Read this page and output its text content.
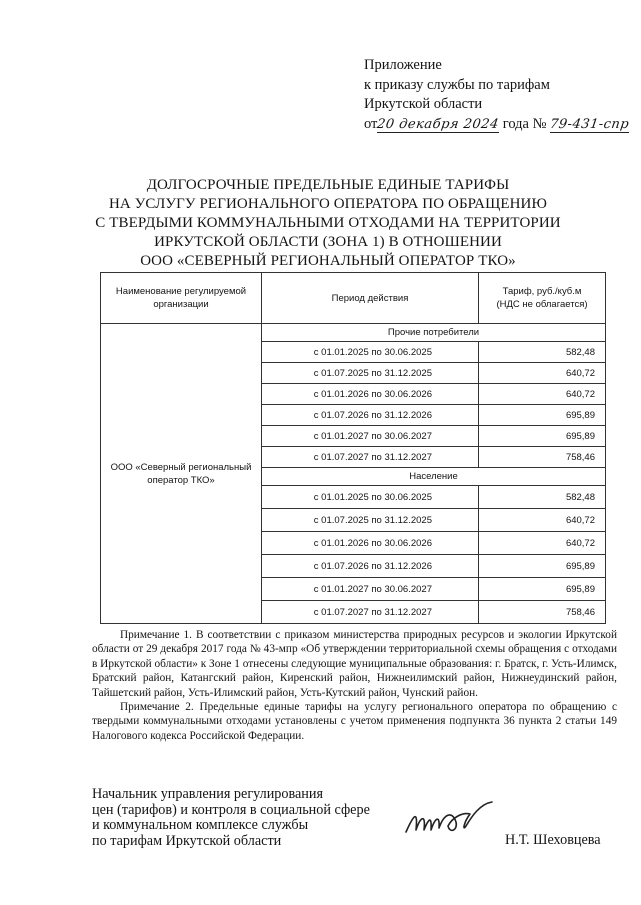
Приложение
к приказу службы по тарифам
Иркутской области
от20 декабря 2024 года № 79-431-спр
ДОЛГОСРОЧНЫЕ ПРЕДЕЛЬНЫЕ ЕДИНЫЕ ТАРИФЫ
НА УСЛУГУ РЕГИОНАЛЬНОГО ОПЕРАТОРА ПО ОБРАЩЕНИЮ
С ТВЕРДЫМИ КОММУНАЛЬНЫМИ ОТХОДАМИ НА ТЕРРИТОРИИ
ИРКУТСКОЙ ОБЛАСТИ (ЗОНА 1) В ОТНОШЕНИИ
ООО «СЕВЕРНЫЙ РЕГИОНАЛЬНЫЙ ОПЕРАТОР ТКО»
Наименование регулируемой организации	Период действия	Тариф, руб./куб.м
(НДС не облагается)

ООО «Северный региональный оператор ТКО»	Прочие потребители	
	с 01.01.2025 по 30.06.2025	582,48
	с 01.07.2025 по 31.12.2025	640,72
	с 01.01.2026 по 30.06.2026	640,72
	с 01.07.2026 по 31.12.2026	695,89
	с 01.01.2027 по 30.06.2027	695,89
	с 01.07.2027 по 31.12.2027	758,46
	Население	
	с 01.01.2025 по 30.06.2025	582,48
	с 01.07.2025 по 31.12.2025	640,72
	с 01.01.2026 по 30.06.2026	640,72
	с 01.07.2026 по 31.12.2026	695,89
	с 01.01.2027 по 30.06.2027	695,89
	с 01.07.2027 по 31.12.2027	758,46

Примечание 1. В соответствии с приказом министерства природных ресурсов и экологии Иркутской области от 29 декабря 2017 года № 43-мпр «Об утверждении территориальной схемы обращения с отходами в Иркутской области» к Зоне 1 отнесены следующие муниципальные образования: г. Братск, г. Усть-Илимск, Братский район, Катангский район, Киренский район, Нижнеилимский район, Нижнеудинский район, Тайшетский район, Усть-Илимский район, Усть-Кутский район, Чунский район.

Примечание 2. Предельные единые тарифы на услугу регионального оператора по обращению с твердыми коммунальными отходами установлены с учетом применения подпункта 36 пункта 2 статьи 149 Налогового кодекса Российской Федерации.

Начальник управления регулирования
цен (тарифов) и контроля в социальной сфере
и коммунальном комплексе службы
по тарифам Иркутской области	Н.Т. Шеховцева
